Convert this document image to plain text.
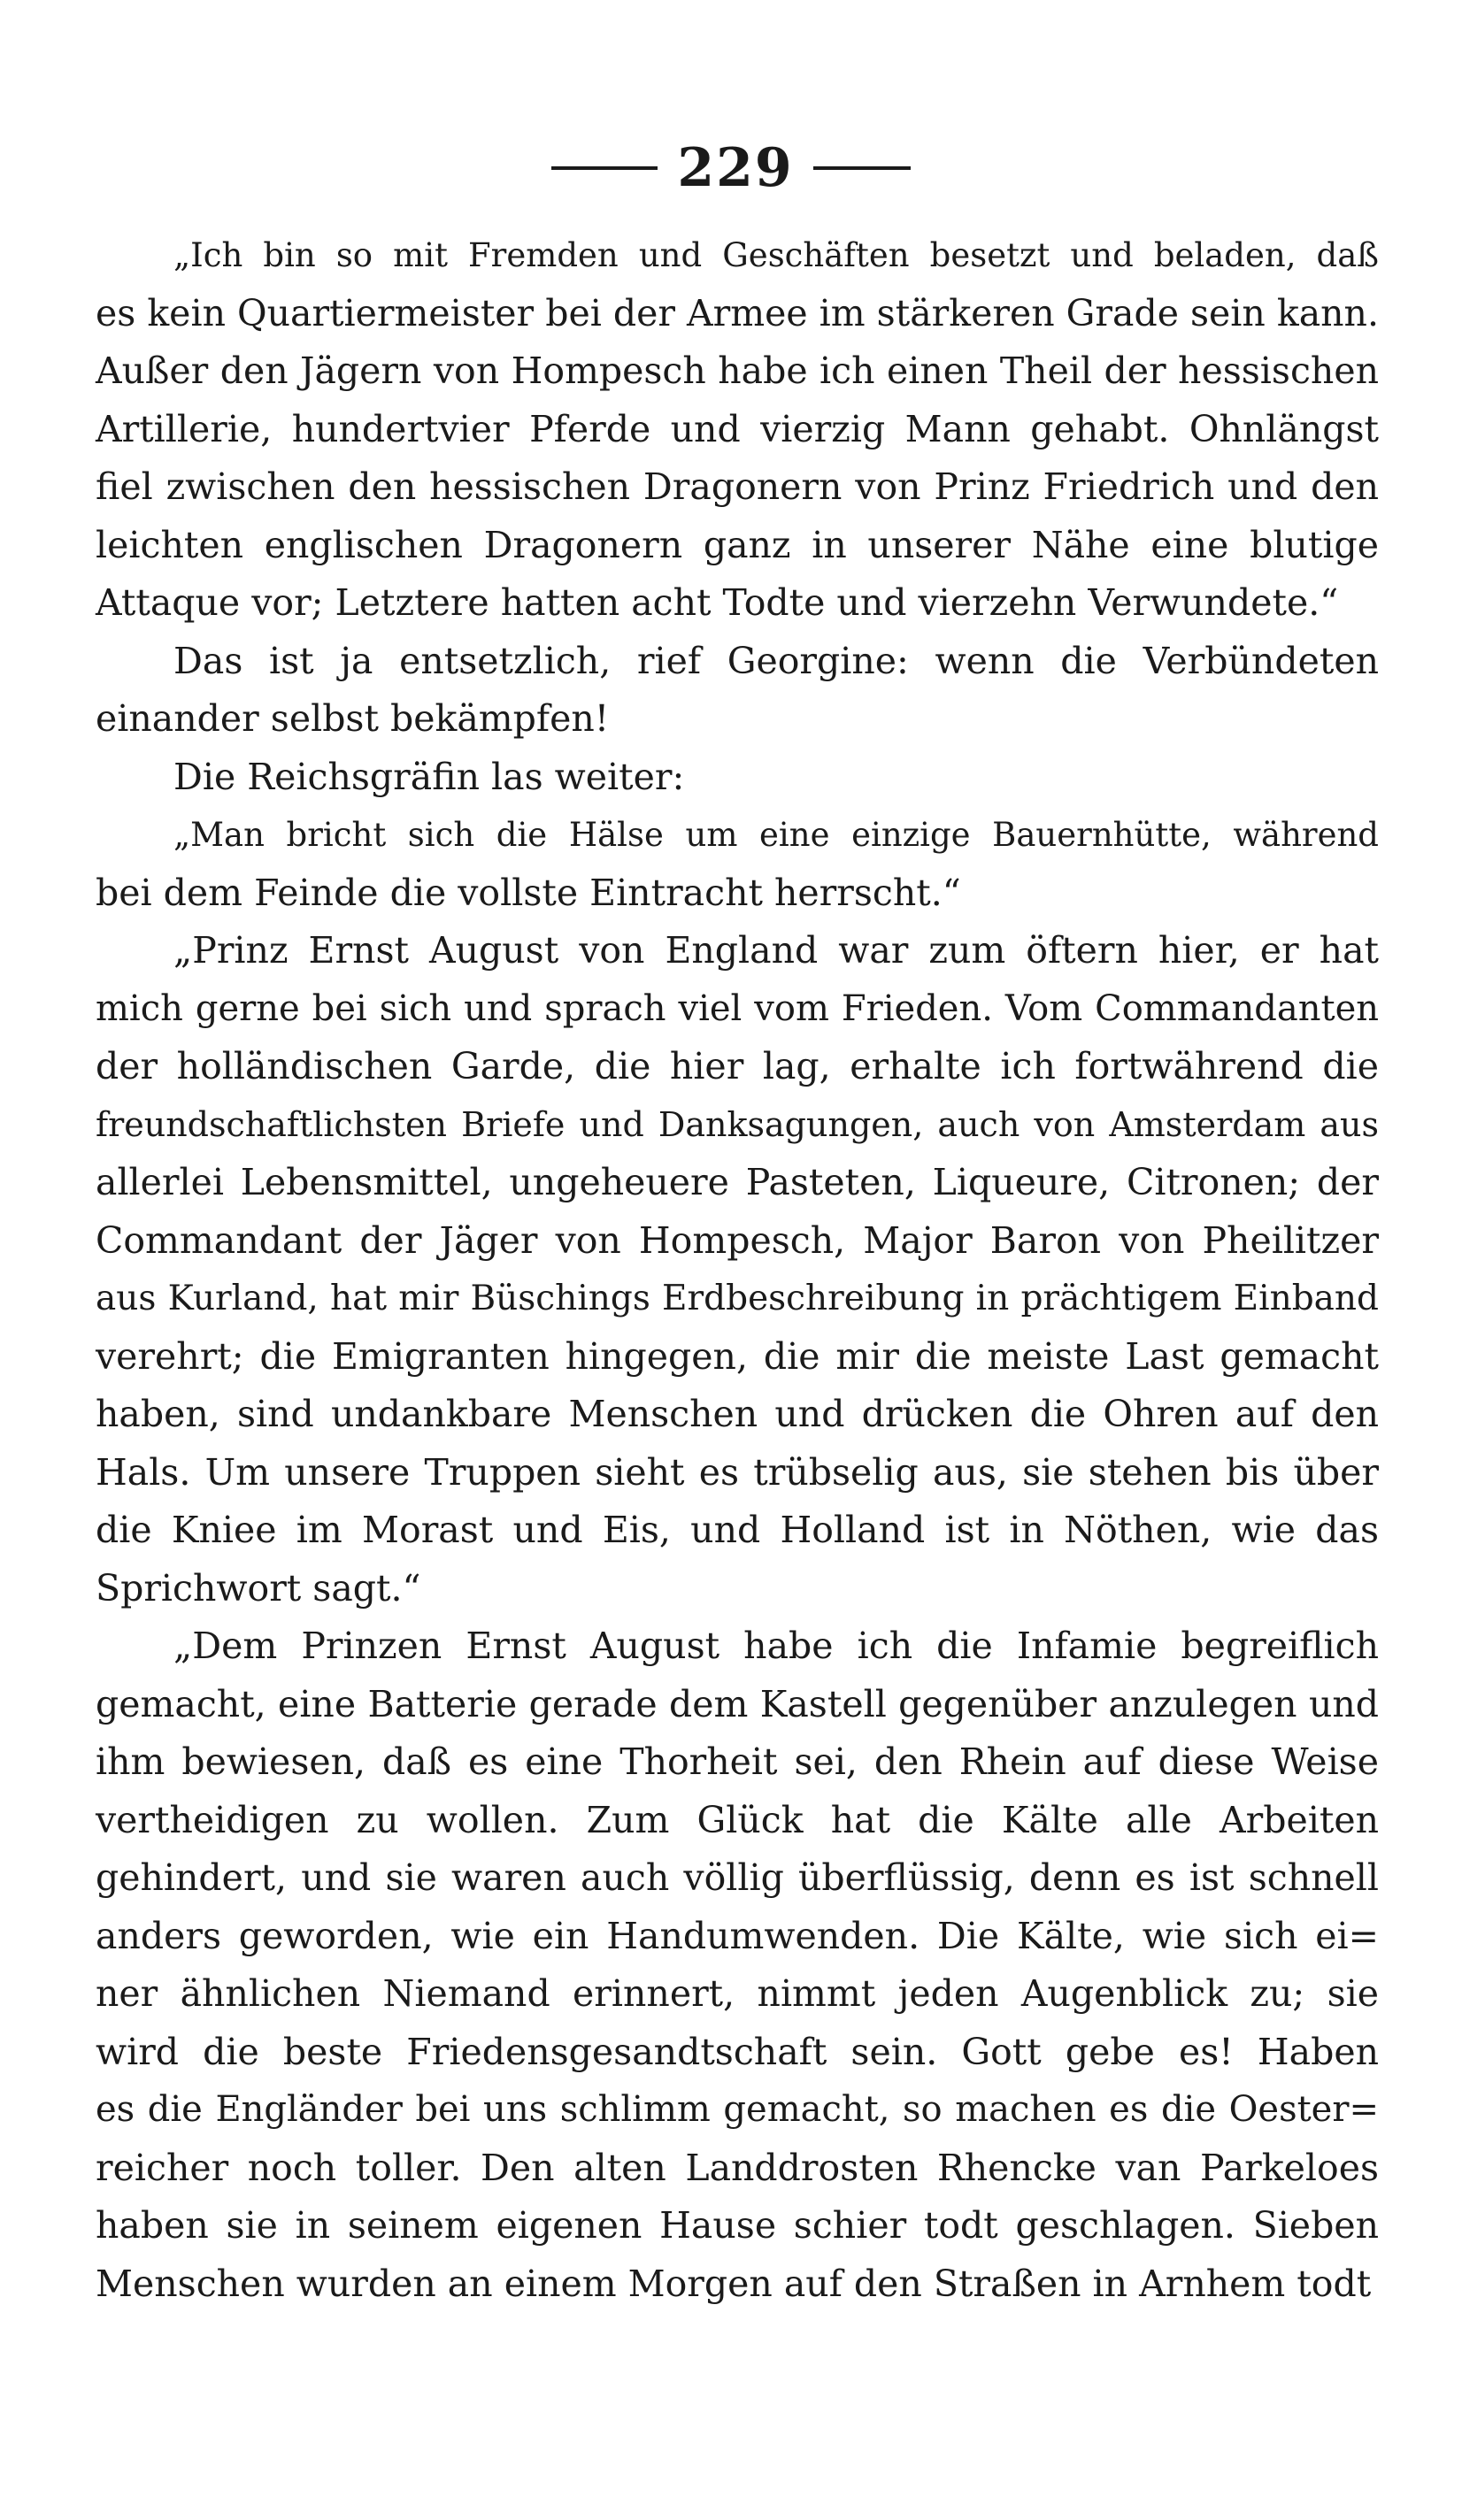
229
„Ich bin so mit Fremden und Geschäften besetzt und beladen, daß
es kein Quartiermeister bei der Armee im stärkeren Grade sein kann.
Außer den Jägern von Hompesch habe ich einen Theil der hessischen
Artillerie, hundertvier Pferde und vierzig Mann gehabt. Ohnlängst
fiel zwischen den hessischen Dragonern von Prinz Friedrich und den
leichten englischen Dragonern ganz in unserer Nähe eine blutige
Attaque vor; Letztere hatten acht Todte und vierzehn Verwundete.“
Das ist ja entsetzlich, rief Georgine: wenn die Verbündeten
einander selbst bekämpfen!
Die Reichsgräfin las weiter:
„Man bricht sich die Hälse um eine einzige Bauernhütte, während
bei dem Feinde die vollste Eintracht herrscht.“
„Prinz Ernst August von England war zum öftern hier, er hat
mich gerne bei sich und sprach viel vom Frieden. Vom Commandanten
der holländischen Garde, die hier lag, erhalte ich fortwährend die
freundschaftlichsten Briefe und Danksagungen, auch von Amsterdam aus
allerlei Lebensmittel, ungeheuere Pasteten, Liqueure, Citronen; der
Commandant der Jäger von Hompesch, Major Baron von Pheilitzer
aus Kurland, hat mir Büschings Erdbeschreibung in prächtigem Einband
verehrt; die Emigranten hingegen, die mir die meiste Last gemacht
haben, sind undankbare Menschen und drücken die Ohren auf den
Hals. Um unsere Truppen sieht es trübselig aus, sie stehen bis über
die Kniee im Morast und Eis, und Holland ist in Nöthen, wie das
Sprichwort sagt.“
„Dem Prinzen Ernst August habe ich die Infamie begreiflich
gemacht, eine Batterie gerade dem Kastell gegenüber anzulegen und
ihm bewiesen, daß es eine Thorheit sei, den Rhein auf diese Weise
vertheidigen zu wollen. Zum Glück hat die Kälte alle Arbeiten
gehindert, und sie waren auch völlig überflüssig, denn es ist schnell
anders geworden, wie ein Handumwenden. Die Kälte, wie sich ei=
ner ähnlichen Niemand erinnert, nimmt jeden Augenblick zu; sie
wird die beste Friedensgesandtschaft sein. Gott gebe es! Haben
es die Engländer bei uns schlimm gemacht, so machen es die Oester=
reicher noch toller. Den alten Landdrosten Rhencke van Parkeloes
haben sie in seinem eigenen Hause schier todt geschlagen. Sieben
Menschen wurden an einem Morgen auf den Straßen in Arnhem todt
